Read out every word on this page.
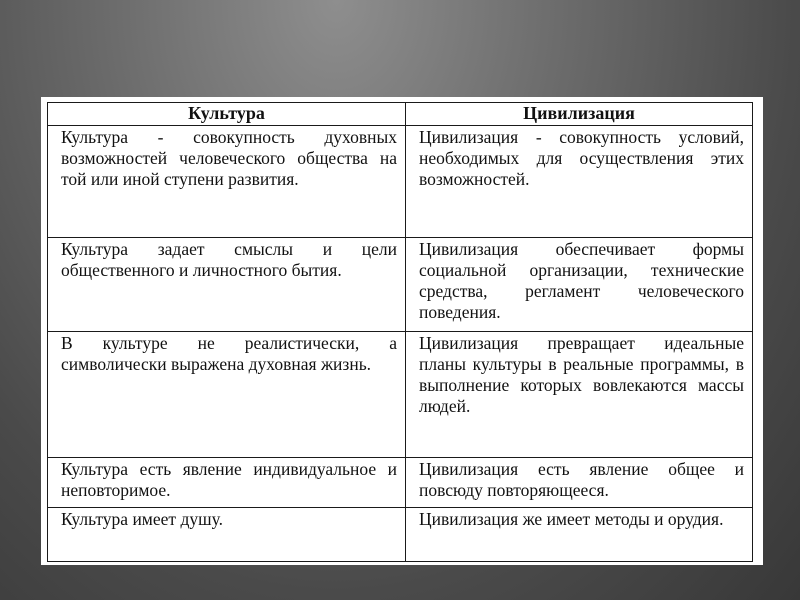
Культура	Цивилизация
Культура - совокупность духовных возможностей человеческого общества на той или иной ступени развития.	Цивилизация - совокупность условий, необходимых для осуществления этих возможностей.
Культура задает смыслы и цели общественного и личностного бытия.	Цивилизация обеспечивает формы социальной организации, технические средства, регламент человеческого поведения.
В культуре не реалистически, а символически выражена духовная жизнь.	Цивилизация превращает идеальные планы культуры в реальные программы, в выполнение которых вовлекаются массы людей.
Культура есть явление индивидуальное и неповторимое.	Цивилизация есть явление общее и повсюду повторяющееся.
Культура имеет душу.	Цивилизация же имеет методы и орудия.
